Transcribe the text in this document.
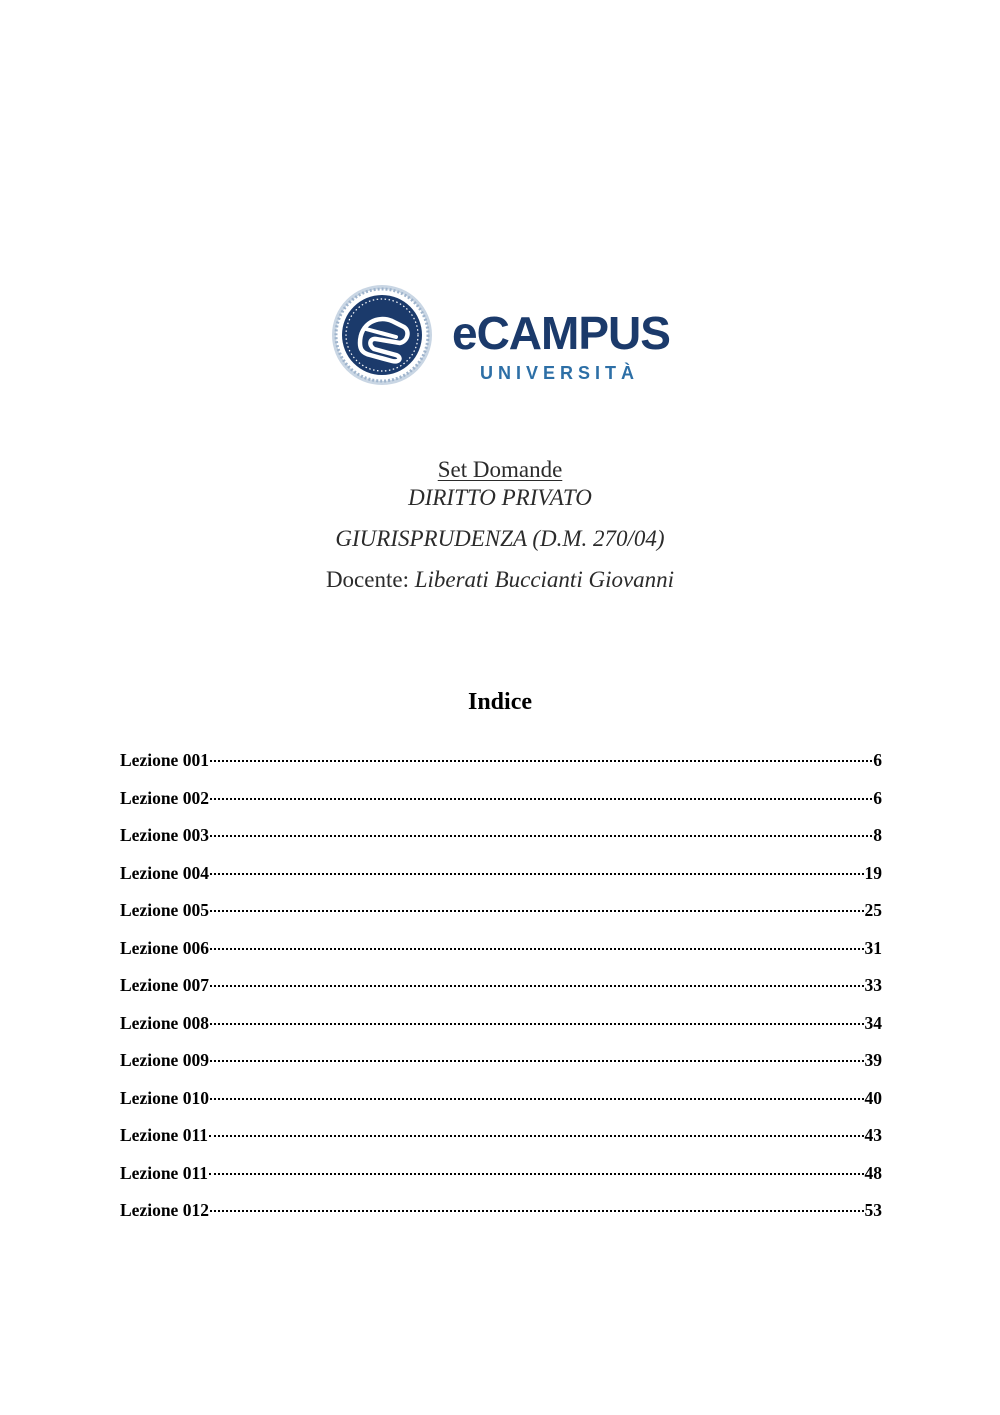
eCAMPUS
UNIVERSITÀ
Set Domande
DIRITTO PRIVATO
GIURISPRUDENZA (D.M. 270/04)
Docente: Liberati Buccianti Giovanni
Indice
Lezione 001	6
Lezione 002	6
Lezione 003	8
Lezione 004	19
Lezione 005	25
Lezione 006	31
Lezione 007	33
Lezione 008	34
Lezione 009	39
Lezione 010	40
Lezione 011	43
Lezione 011	48
Lezione 012	53
